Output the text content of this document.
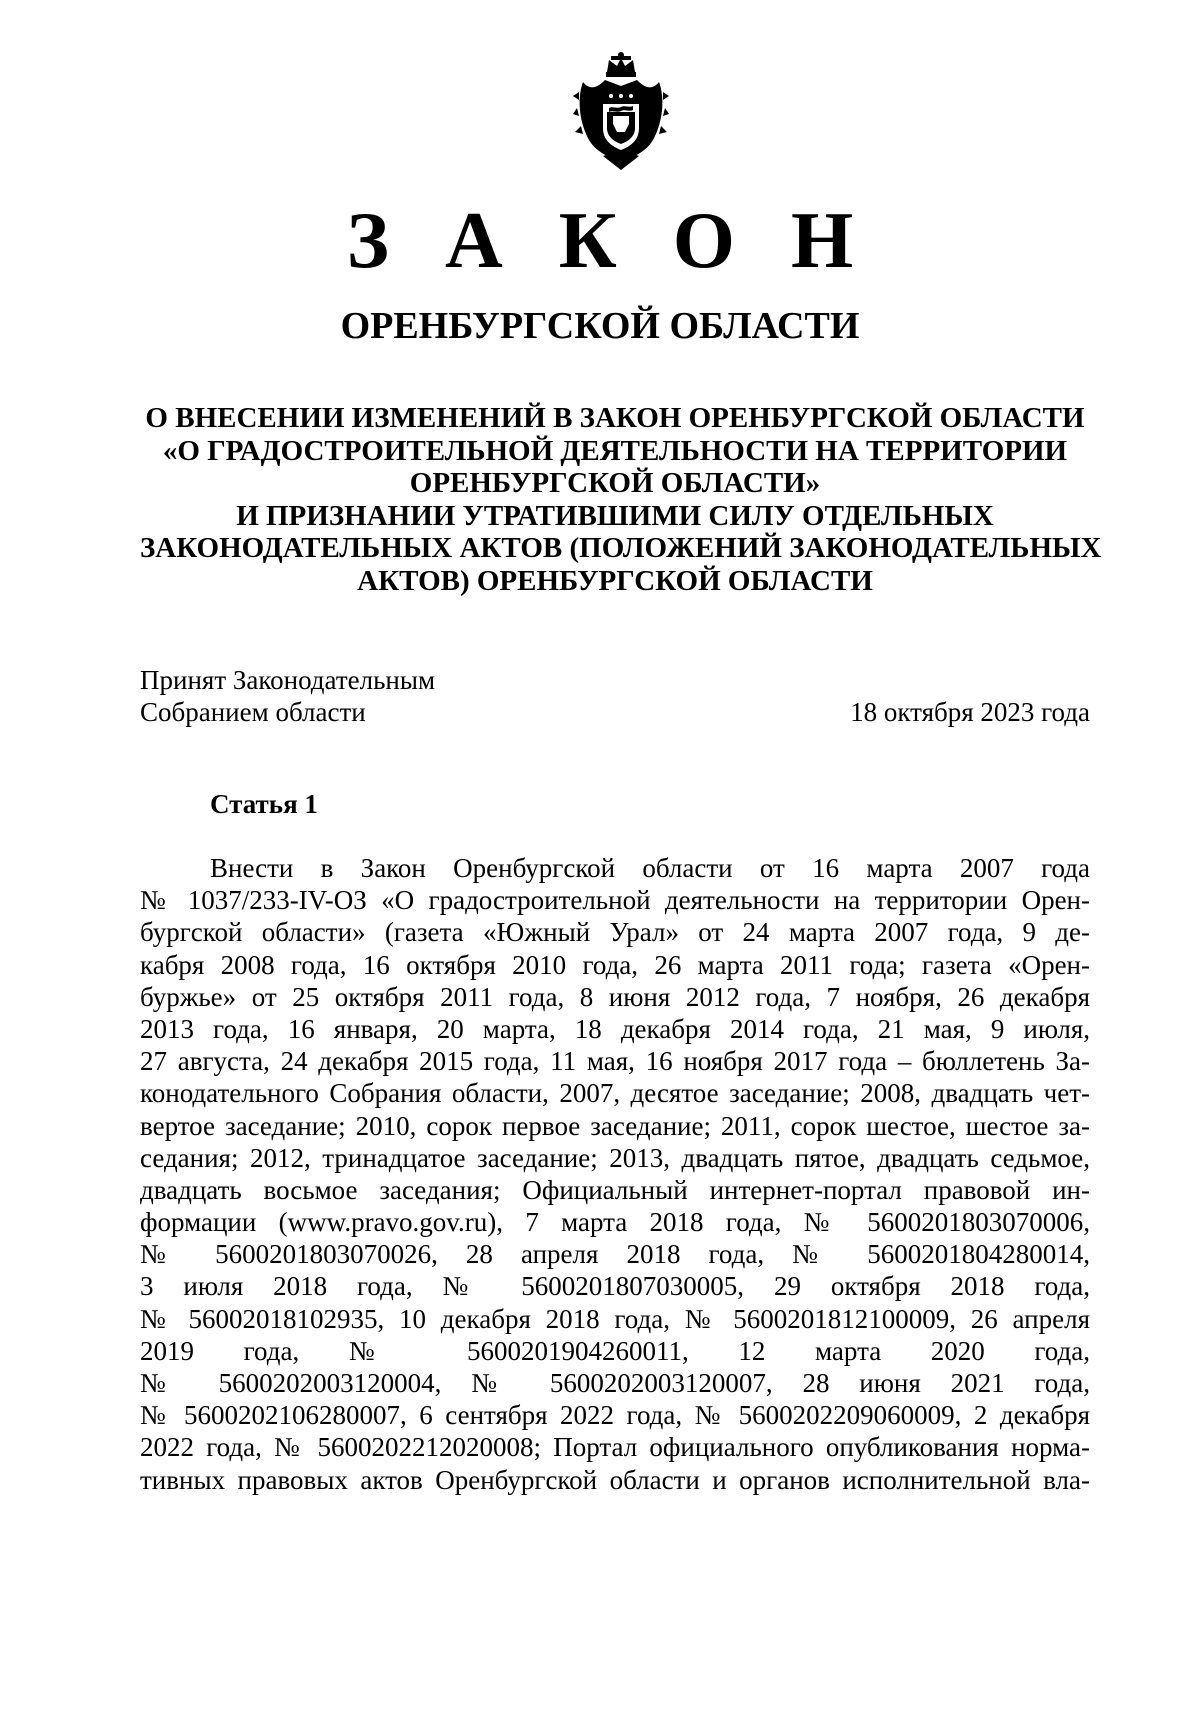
З А К О Н
ОРЕНБУРГСКОЙ ОБЛАСТИ
О ВНЕСЕНИИ ИЗМЕНЕНИЙ В ЗАКОН ОРЕНБУРГСКОЙ ОБЛАСТИ
«О ГРАДОСТРОИТЕЛЬНОЙ ДЕЯТЕЛЬНОСТИ НА ТЕРРИТОРИИ
ОРЕНБУРГСКОЙ ОБЛАСТИ»
И ПРИЗНАНИИ УТРАТИВШИМИ СИЛУ ОТДЕЛЬНЫХ
ЗАКОНОДАТЕЛЬНЫХ АКТОВ (ПОЛОЖЕНИЙ ЗАКОНОДАТЕЛЬНЫХ
АКТОВ) ОРЕНБУРГСКОЙ ОБЛАСТИ
Принят Законодательным
Собранием области	18 октября 2023 года
Статья 1
Внести в Закон Оренбургской области от 16 марта 2007 года
№ 1037/233-IV-ОЗ «О градостроительной деятельности на территории Орен-
бургской области» (газета «Южный Урал» от 24 марта 2007 года, 9 де-
кабря 2008 года, 16 октября 2010 года, 26 марта 2011 года; газета «Орен-
буржье» от 25 октября 2011 года, 8 июня 2012 года, 7 ноября, 26 декабря
2013 года, 16 января, 20 марта, 18 декабря 2014 года, 21 мая, 9 июля,
27 августа, 24 декабря 2015 года, 11 мая, 16 ноября 2017 года – бюллетень За-
конодательного Собрания области, 2007, десятое заседание; 2008, двадцать чет-
вертое заседание; 2010, сорок первое заседание; 2011, сорок шестое, шестое за-
седания; 2012, тринадцатое заседание; 2013, двадцать пятое, двадцать седьмое,
двадцать восьмое заседания; Официальный интернет-портал правовой ин-
формации (www.pravo.gov.ru), 7 марта 2018 года, № 5600201803070006,
№ 5600201803070026, 28 апреля 2018 года, № 5600201804280014,
3 июля 2018 года, № 5600201807030005, 29 октября 2018 года,
№ 56002018102935, 10 декабря 2018 года, № 5600201812100009, 26 апреля
2019 года, № 5600201904260011, 12 марта 2020 года,
№ 5600202003120004, № 5600202003120007, 28 июня 2021 года,
№ 5600202106280007, 6 сентября 2022 года, № 5600202209060009, 2 декабря
2022 года, № 5600202212020008; Портал официального опубликования норма-
тивных правовых актов Оренбургской области и органов исполнительной вла-
